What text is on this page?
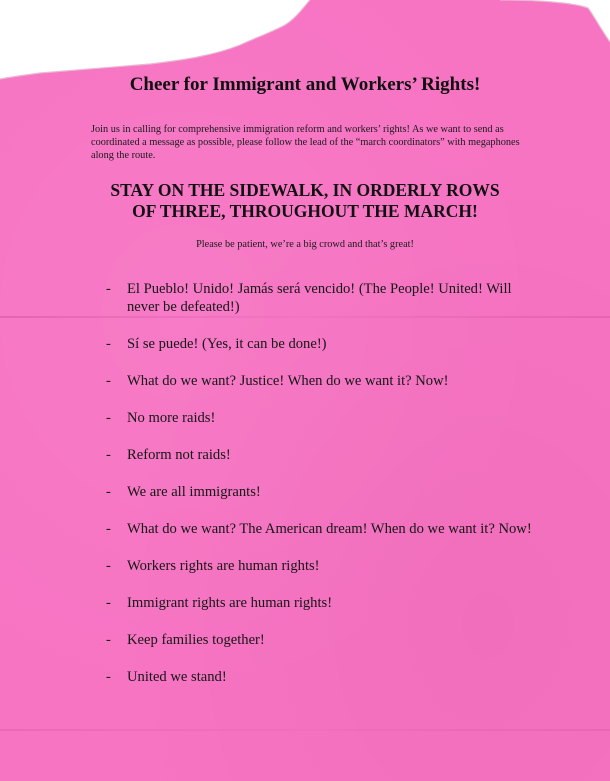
Cheer for Immigrant and Workers’ Rights!
Join us in calling for comprehensive immigration reform and workers’ rights! As we want to send as coordinated a message as possible, please follow the lead of the “march coordinators” with megaphones along the route.
STAY ON THE SIDEWALK, IN ORDERLY ROWS
OF THREE, THROUGHOUT THE MARCH!
Please be patient, we’re a big crowd and that’s great!
- El Pueblo! Unido! Jamás será vencido! (The People! United! Will never be defeated!)
- Sí se puede! (Yes, it can be done!)
- What do we want? Justice! When do we want it? Now!
- No more raids!
- Reform not raids!
- We are all immigrants!
- What do we want? The American dream! When do we want it? Now!
- Workers rights are human rights!
- Immigrant rights are human rights!
- Keep families together!
- United we stand!
